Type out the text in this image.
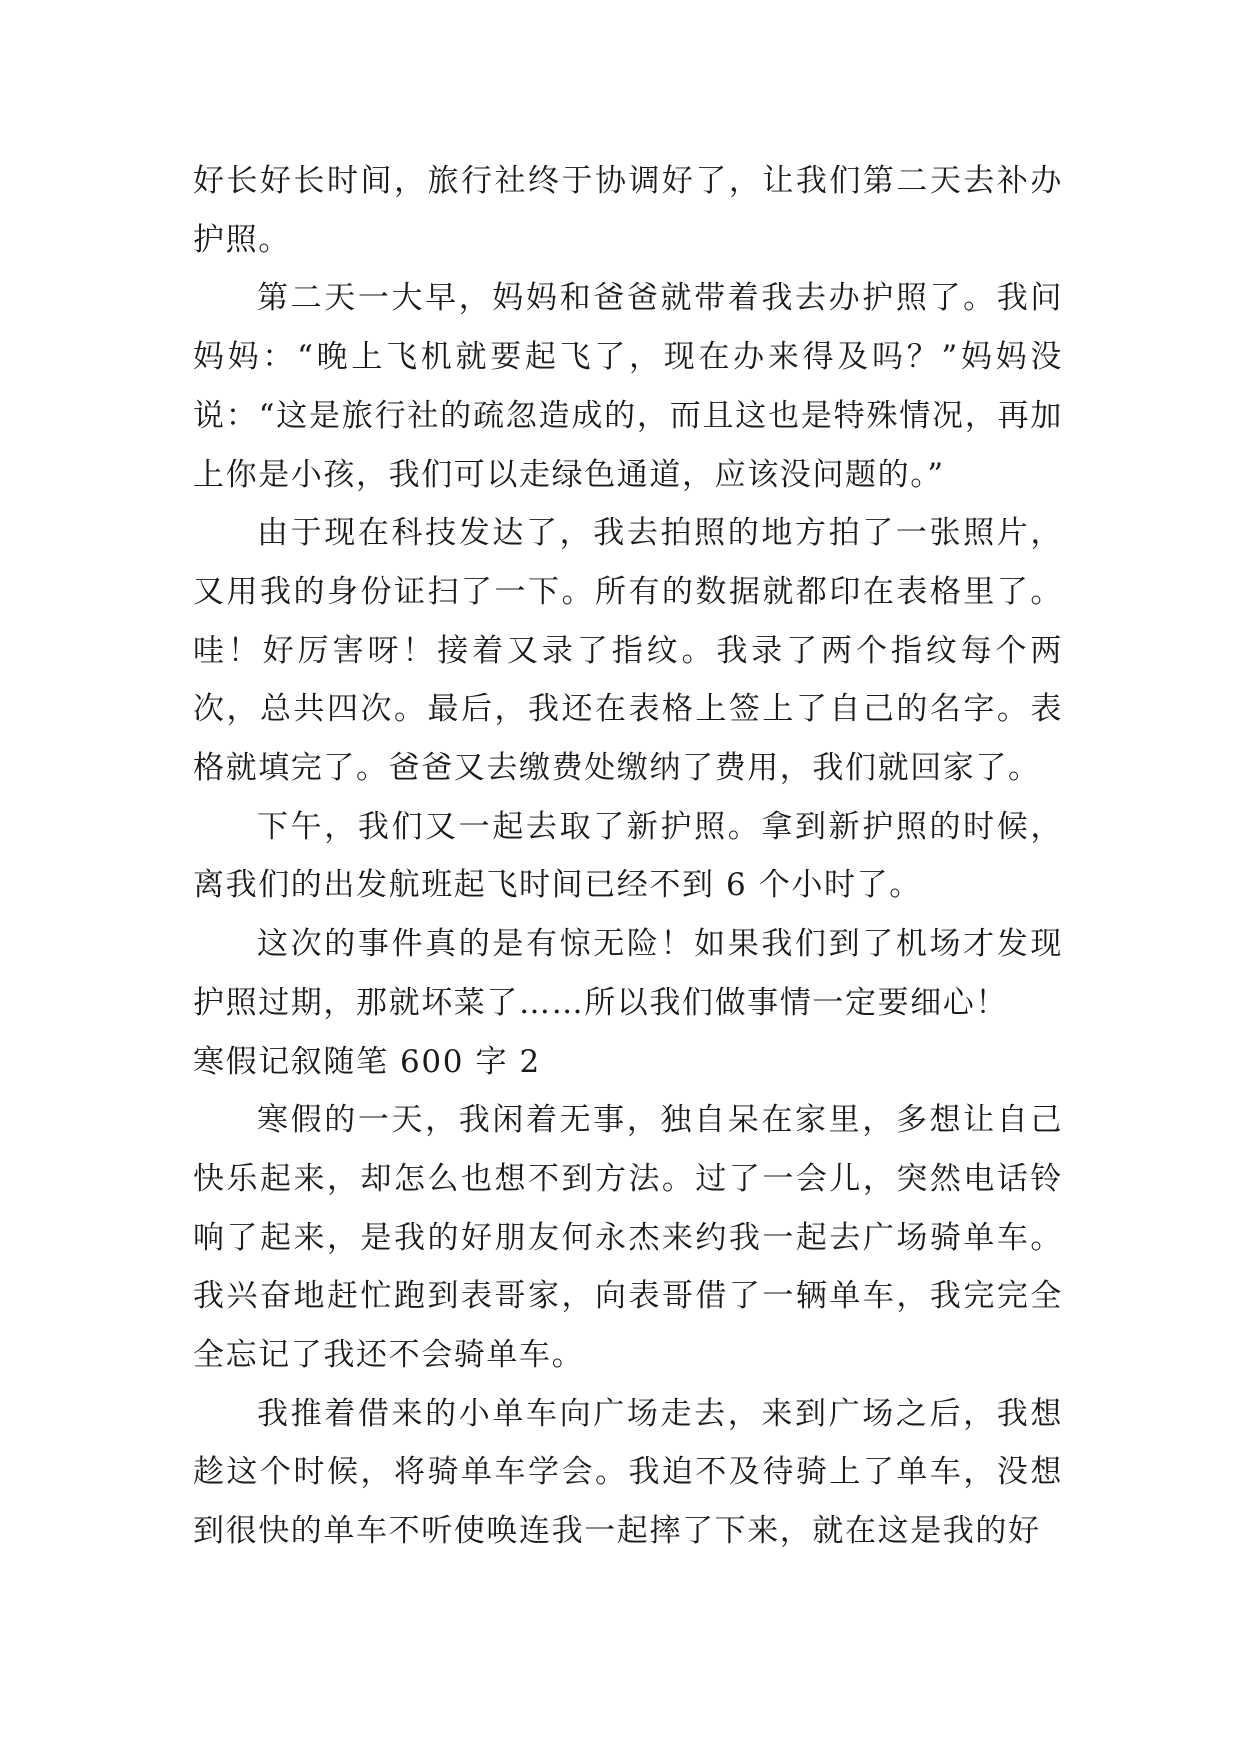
好长好长时间，旅行社终于协调好了，让我们第二天去补办护照。

第二天一大早，妈妈和爸爸就带着我去办护照了。我问妈妈：“晚上飞机就要起飞了，现在办来得及吗？”妈妈没说：“这是旅行社的疏忽造成的，而且这也是特殊情况，再加上你是小孩，我们可以走绿色通道，应该没问题的。”

由于现在科技发达了，我去拍照的地方拍了一张照片，又用我的身份证扫了一下。所有的数据就都印在表格里了。哇！好厉害呀！接着又录了指纹。我录了两个指纹每个两次，总共四次。最后，我还在表格上签上了自己的名字。表格就填完了。爸爸又去缴费处缴纳了费用，我们就回家了。

下午，我们又一起去取了新护照。拿到新护照的时候，离我们的出发航班起飞时间已经不到 6 个小时了。

这次的事件真的是有惊无险！如果我们到了机场才发现护照过期，那就坏菜了……所以我们做事情一定要细心！

寒假记叙随笔 600 字 2

寒假的一天，我闲着无事，独自呆在家里，多想让自己快乐起来，却怎么也想不到方法。过了一会儿，突然电话铃响了起来，是我的好朋友何永杰来约我一起去广场骑单车。我兴奋地赶忙跑到表哥家，向表哥借了一辆单车，我完完全全忘记了我还不会骑单车。

我推着借来的小单车向广场走去，来到广场之后，我想趁这个时候，将骑单车学会。我迫不及待骑上了单车，没想到很快的单车不听使唤连我一起摔了下来，就在这是我的好
